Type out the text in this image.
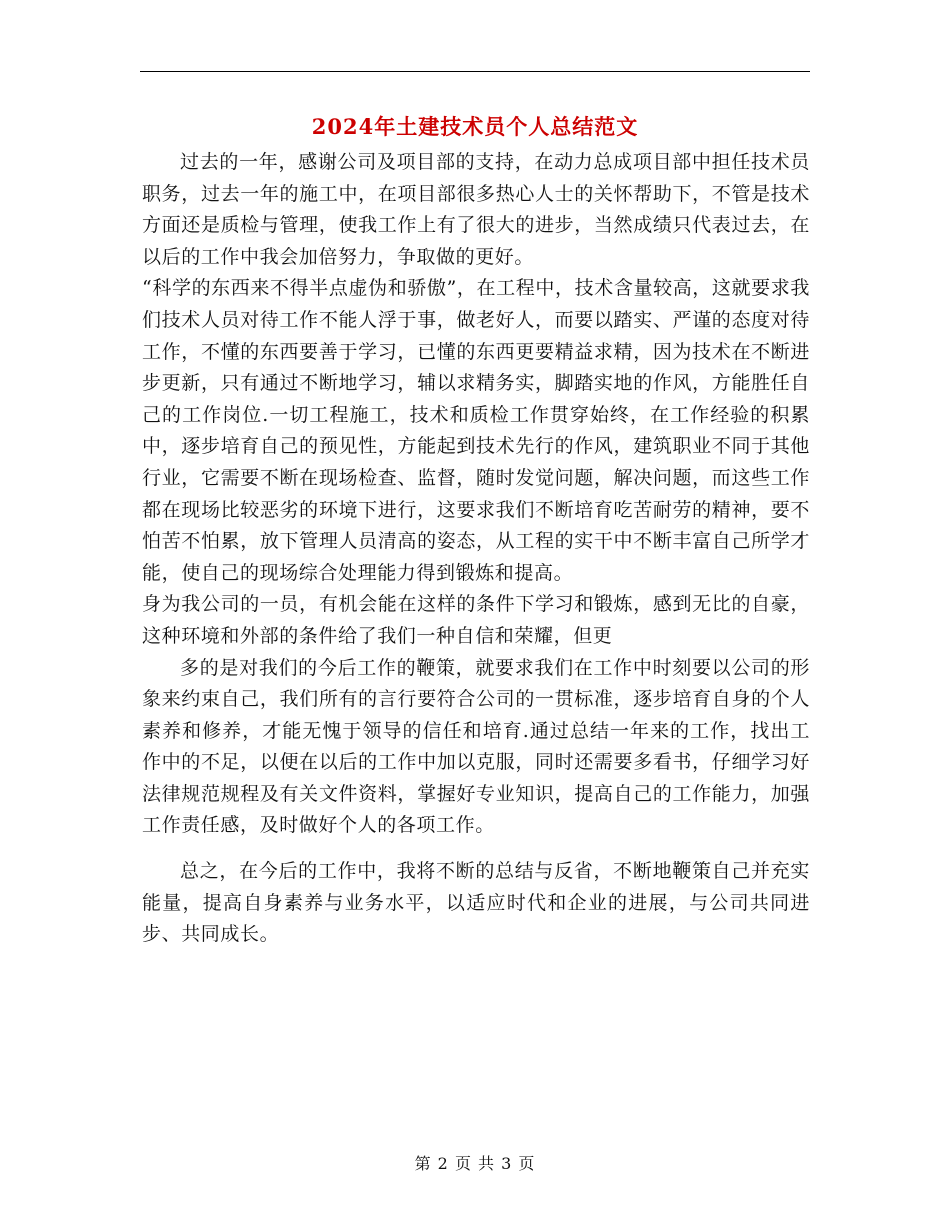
2024年土建技术员个人总结范文

过去的一年，感谢公司及项目部的支持，在动力总成项目部中担任技术员职务，过去一年的施工中，在项目部很多热心人士的关怀帮助下，不管是技术方面还是质检与管理，使我工作上有了很大的进步，当然成绩只代表过去，在以后的工作中我会加倍努力，争取做的更好。

“科学的东西来不得半点虚伪和骄傲”，在工程中，技术含量较高，这就要求我们技术人员对待工作不能人浮于事，做老好人，而要以踏实、严谨的态度对待工作，不懂的东西要善于学习，已懂的东西更要精益求精，因为技术在不断进步更新，只有通过不断地学习，辅以求精务实，脚踏实地的作风，方能胜任自己的工作岗位.一切工程施工，技术和质检工作贯穿始终，在工作经验的积累中，逐步培育自己的预见性，方能起到技术先行的作风，建筑职业不同于其他行业，它需要不断在现场检查、监督，随时发觉问题，解决问题，而这些工作都在现场比较恶劣的环境下进行，这要求我们不断培育吃苦耐劳的精神，要不怕苦不怕累，放下管理人员清高的姿态，从工程的实干中不断丰富自己所学才能，使自己的现场综合处理能力得到锻炼和提高。

身为我公司的一员，有机会能在这样的条件下学习和锻炼，感到无比的自豪，这种环境和外部的条件给了我们一种自信和荣耀，但更

多的是对我们的今后工作的鞭策，就要求我们在工作中时刻要以公司的形象来约束自己，我们所有的言行要符合公司的一贯标准，逐步培育自身的个人素养和修养，才能无愧于领导的信任和培育.通过总结一年来的工作，找出工作中的不足，以便在以后的工作中加以克服，同时还需要多看书，仔细学习好法律规范规程及有关文件资料，掌握好专业知识，提高自己的工作能力，加强工作责任感，及时做好个人的各项工作。

总之，在今后的工作中，我将不断的总结与反省，不断地鞭策自己并充实能量，提高自身素养与业务水平，以适应时代和企业的进展，与公司共同进步、共同成长。

第 2 页 共 3 页
